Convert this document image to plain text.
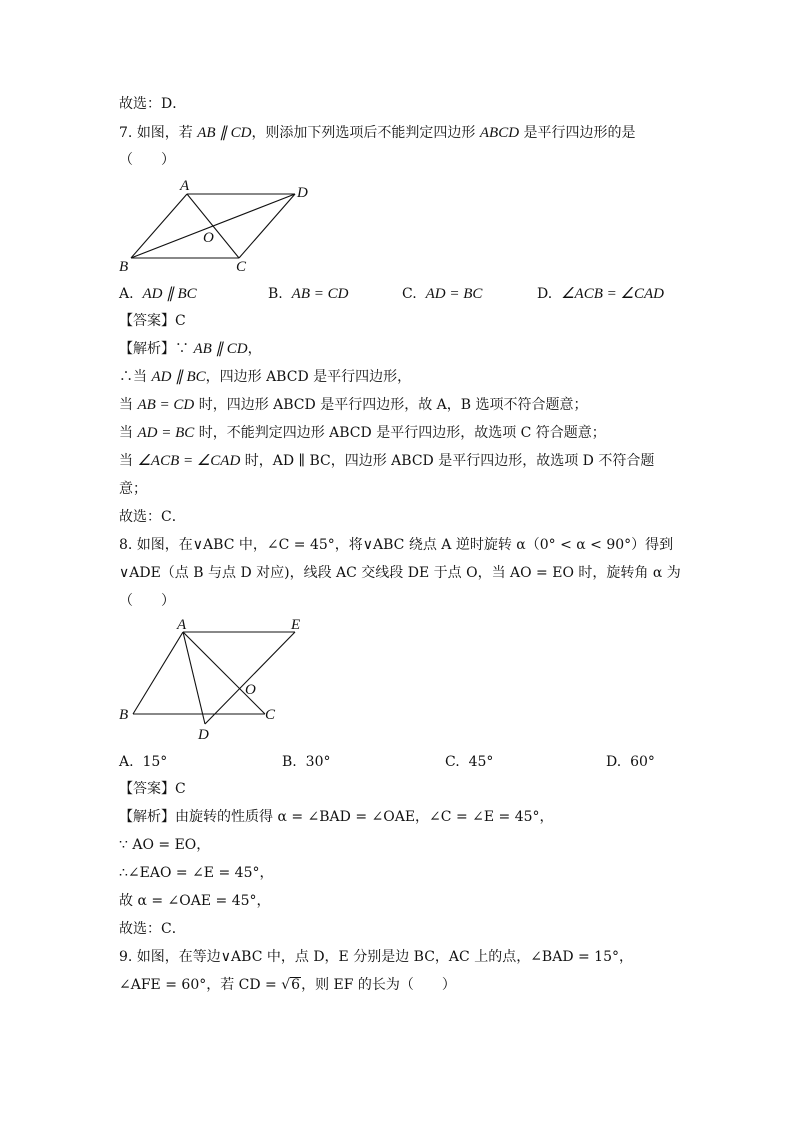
故选：D．
7. 如图，若 AB ∥ CD，则添加下列选项后不能判定四边形 ABCD 是平行四边形的是
（　　）
A	D
O
B	C
A. AD ∥ BC	B. AB = CD	C. AD = BC	D. ∠ACB = ∠CAD
【答案】C
【解析】∵ AB ∥ CD，
∴当 AD ∥ BC，四边形 ABCD 是平行四边形，
当 AB = CD 时，四边形 ABCD 是平行四边形，故 A，B 选项不符合题意；
当 AD = BC 时，不能判定四边形 ABCD 是平行四边形，故选项 C 符合题意；
当 ∠ACB = ∠CAD 时，AD ∥ BC，四边形 ABCD 是平行四边形，故选项 D 不符合题
意；
故选：C．
8. 如图，在∨ABC 中，∠C = 45°，将∨ABC 绕点 A 逆时旋转 α（0° < α < 90°）得到
∨ADE（点 B 与点 D 对应)，线段 AC 交线段 DE 于点 O，当 AO = EO 时，旋转角 α 为
（　　）
A	E
O
B	C
D
A. 15°	B. 30°	C. 45°	D. 60°
【答案】C
【解析】由旋转的性质得 α = ∠BAD = ∠OAE，∠C = ∠E = 45°，
∵ AO = EO，
∴∠EAO = ∠E = 45°，
故 α = ∠OAE = 45°，
故选：C．
9. 如图，在等边∨ABC 中，点 D，E 分别是边 BC，AC 上的点，∠BAD = 15°，
∠AFE = 60°，若 CD = √6，则 EF 的长为（　　）
